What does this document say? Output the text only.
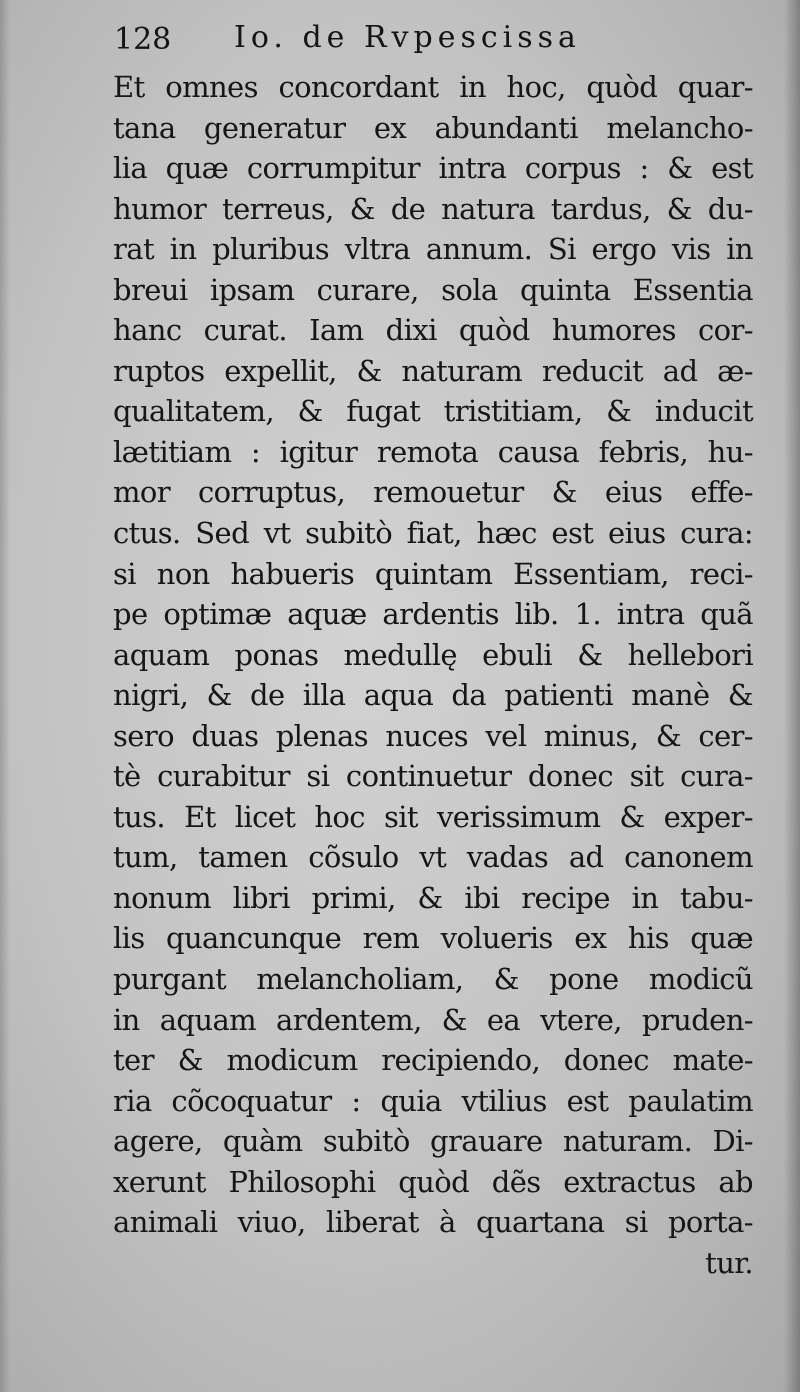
128 Io. de Rvpescissa
Et omnes concordant in hoc, quòd quar-
tana generatur ex abundanti melancho-
lia quæ corrumpitur intra corpus : & est
humor terreus, & de natura tardus, & du-
rat in pluribus vltra annum. Si ergo vis in
breui ipsam curare, sola quinta Essentia
hanc curat. Iam dixi quòd humores cor-
ruptos expellit, & naturam reducit ad æ-
qualitatem, & fugat tristitiam, & inducit
lætitiam : igitur remota causa febris, hu-
mor corruptus, remouetur & eius effe-
ctus. Sed vt subitò fiat, hæc est eius cura:
si non habueris quintam Essentiam, reci-
pe optimæ aquæ ardentis lib. 1. intra quã
aquam ponas medullę ebuli & hellebori
nigri, & de illa aqua da patienti manè &
sero duas plenas nuces vel minus, & cer-
tè curabitur si continuetur donec sit cura-
tus. Et licet hoc sit verissimum & exper-
tum, tamen cõsulo vt vadas ad canonem
nonum libri primi, & ibi recipe in tabu-
lis quancunque rem volueris ex his quæ
purgant melancholiam, & pone modicũ
in aquam ardentem, & ea vtere, pruden-
ter & modicum recipiendo, donec mate-
ria cõcoquatur : quia vtilius est paulatim
agere, quàm subitò grauare naturam. Di-
xerunt Philosophi quòd dẽs extractus ab
animali viuo, liberat à quartana si porta-
tur.
